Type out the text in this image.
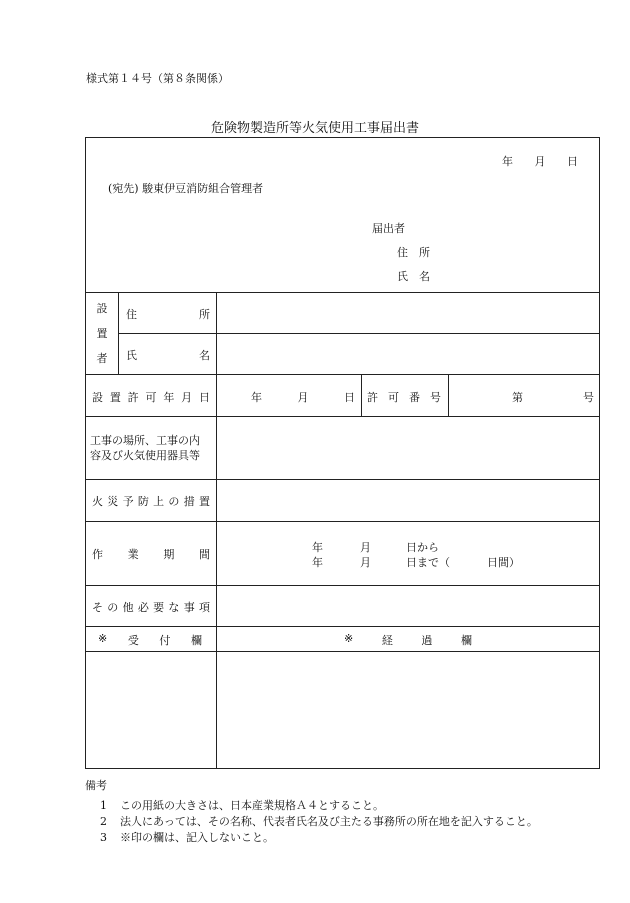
様式第１４号（第８条関係）
危険物製造所等火気使用工事届出書
年 月 日
(宛先) 駿東伊豆消防組合管理者
届出者
住　所
氏　名
設
置
者
住	所
氏	名
設 置 許 可 年 月 日	年	月	日 許 可 番 号	第	号
工事の場所、工事の内
容及び火気使用器具等
火 災 予 防 上 の 措 置
作 業 期 間
年	月	日から
年	月	日まで（	日間）
そ の 他 必 要 な 事 項
※ 受 付 欄	※	経	過	欄
備考
1 この用紙の大きさは、日本産業規格Ａ４とすること。
2 法人にあっては、その名称、代表者氏名及び主たる事務所の所在地を記入すること。
3 ※印の欄は、記入しないこと。
